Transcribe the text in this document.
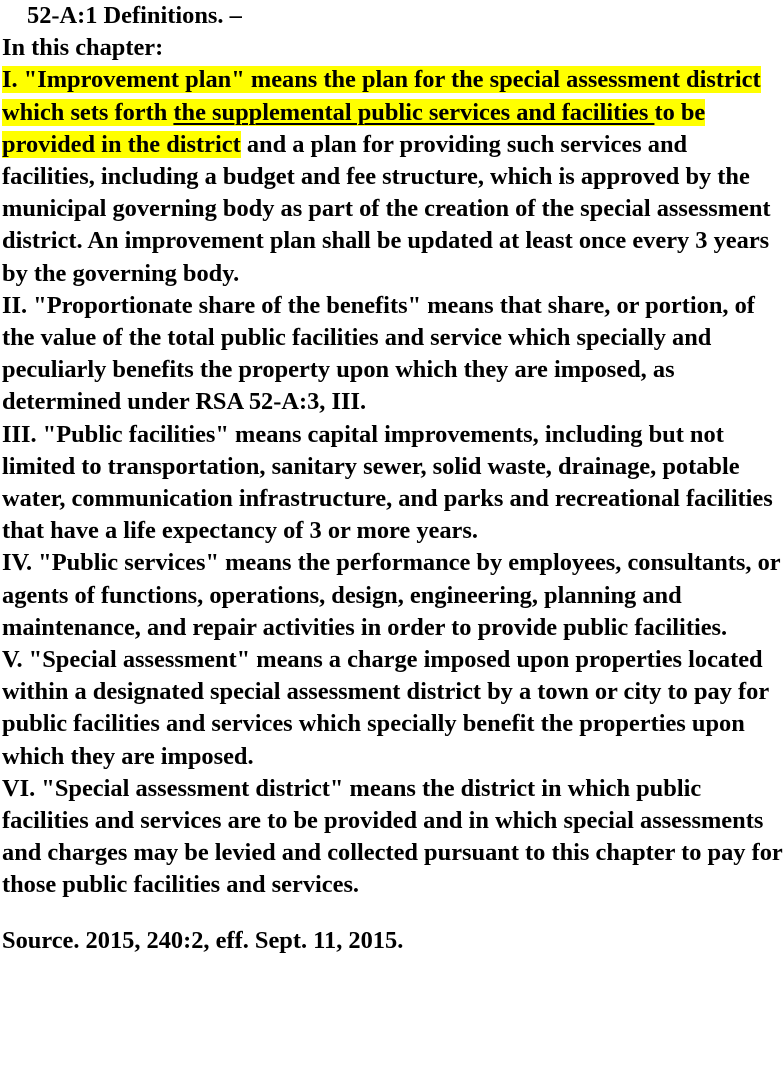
52-A:1 Definitions. –

In this chapter:

I. "Improvement plan" means the plan for the special assessment district which sets forth the supplemental public services and facilities to be provided in the district and a plan for providing such services and facilities, including a budget and fee structure, which is approved by the municipal governing body as part of the creation of the special assessment district. An improvement plan shall be updated at least once every 3 years by the governing body.

II. "Proportionate share of the benefits" means that share, or portion, of the value of the total public facilities and service which specially and peculiarly benefits the property upon which they are imposed, as determined under RSA 52-A:3, III.

III. "Public facilities" means capital improvements, including but not limited to transportation, sanitary sewer, solid waste, drainage, potable water, communication infrastructure, and parks and recreational facilities that have a life expectancy of 3 or more years.

IV. "Public services" means the performance by employees, consultants, or agents of functions, operations, design, engineering, planning and maintenance, and repair activities in order to provide public facilities.

V. "Special assessment" means a charge imposed upon properties located within a designated special assessment district by a town or city to pay for public facilities and services which specially benefit the properties upon which they are imposed.

VI. "Special assessment district" means the district in which public facilities and services are to be provided and in which special assessments and charges may be levied and collected pursuant to this chapter to pay for those public facilities and services.

Source. 2015, 240:2, eff. Sept. 11, 2015.
